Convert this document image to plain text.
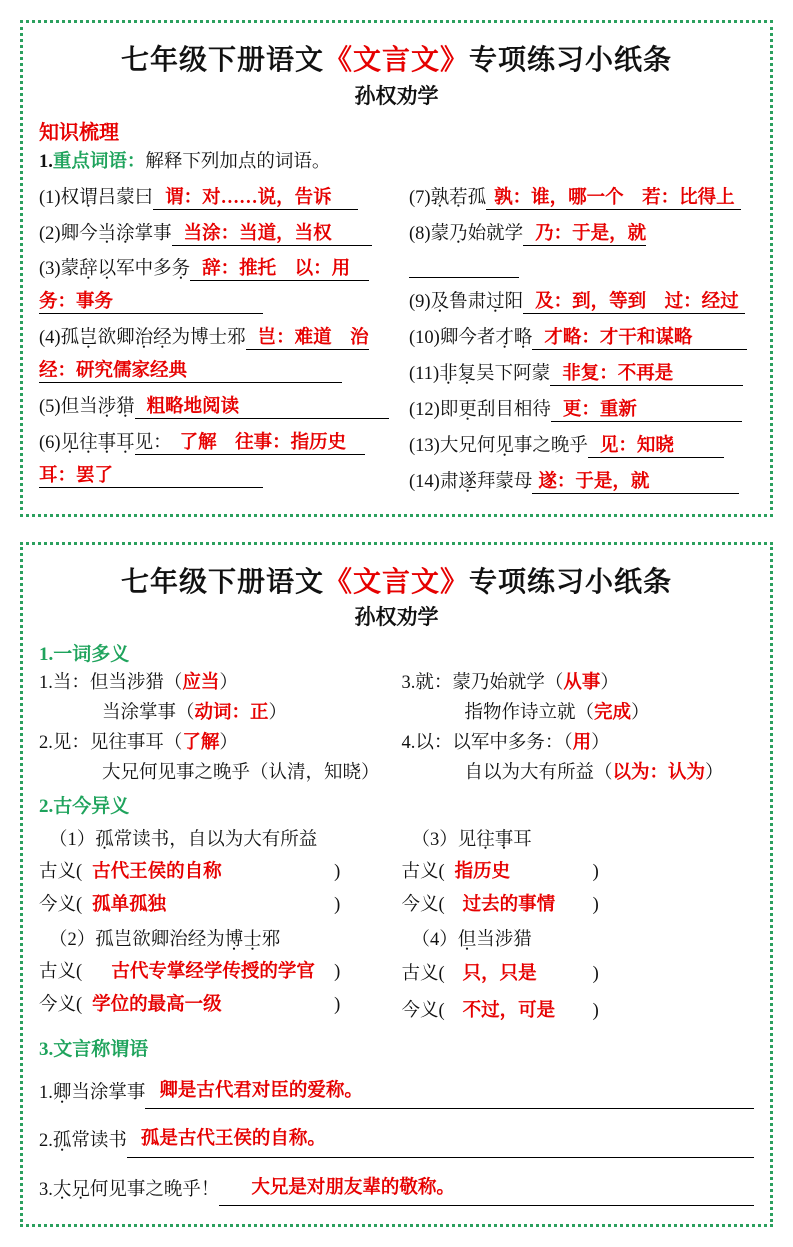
七年级下册语文《文言文》专项练习小纸条
孙权劝学
知识梳理
1.重点词语：解释下列加点的词语。
(1)权谓吕蒙曰 谓：对……说，告诉
(2)卿今当涂掌事 当涂：当道，当权
(3)蒙辞以军中多务 辞：推托　以：用　务：事务
(4)孤岂欲卿治经为博士邪 岂：难道　治经：研究儒家经典
(5)但当涉猎 粗略地阅读
(6)见往事耳见： 了解　往事：指历史　耳：罢了
(7)孰若孤 孰：谁，哪一个　若：比得上
(8)蒙乃始就学 乃：于是，就
(9)及鲁肃过阳 及：到，等到　过：经过
(10)卿今者才略 才略：才干和谋略
(11)非复吴下阿蒙 非复：不再是
(12)即更刮目相待 更：重新
(13)大兄何见事之晚乎 见：知晓
(14)肃遂拜蒙母 遂：于是，就
七年级下册语文《文言文》专项练习小纸条
孙权劝学
1.一词多义
1.当：但当涉猎（应当）
当涂掌事（动词：正）
2.见：见往事耳（了解）
大兄何见事之晚乎（认清，知晓）
3.就：蒙乃始就学（从事）
指物作诗立就（完成）
4.以：以军中多务：（用）
自以为大有所益（以为：认为）
2.古今异义
（1）孤常读书，自以为大有所益
古义( 古代王侯的自称	)
今义( 孤单孤独	)
（2）孤岂欲卿治经为博士邪
古义( 古代专掌经学传授的学官 )
今义( 学位的最高一级	)
（3）见往事耳
古义( 指历史	)
今义( 过去的事情 )
（4）但当涉猎
古义( 只，只是	)
今义( 不过，可是 )
3.文言称谓语
1.卿当涂掌事 卿是古代君对臣的爱称。
2.孤常读书 孤是古代王侯的自称。
3.大兄何见事之晚乎！	大兄是对朋友辈的敬称。
